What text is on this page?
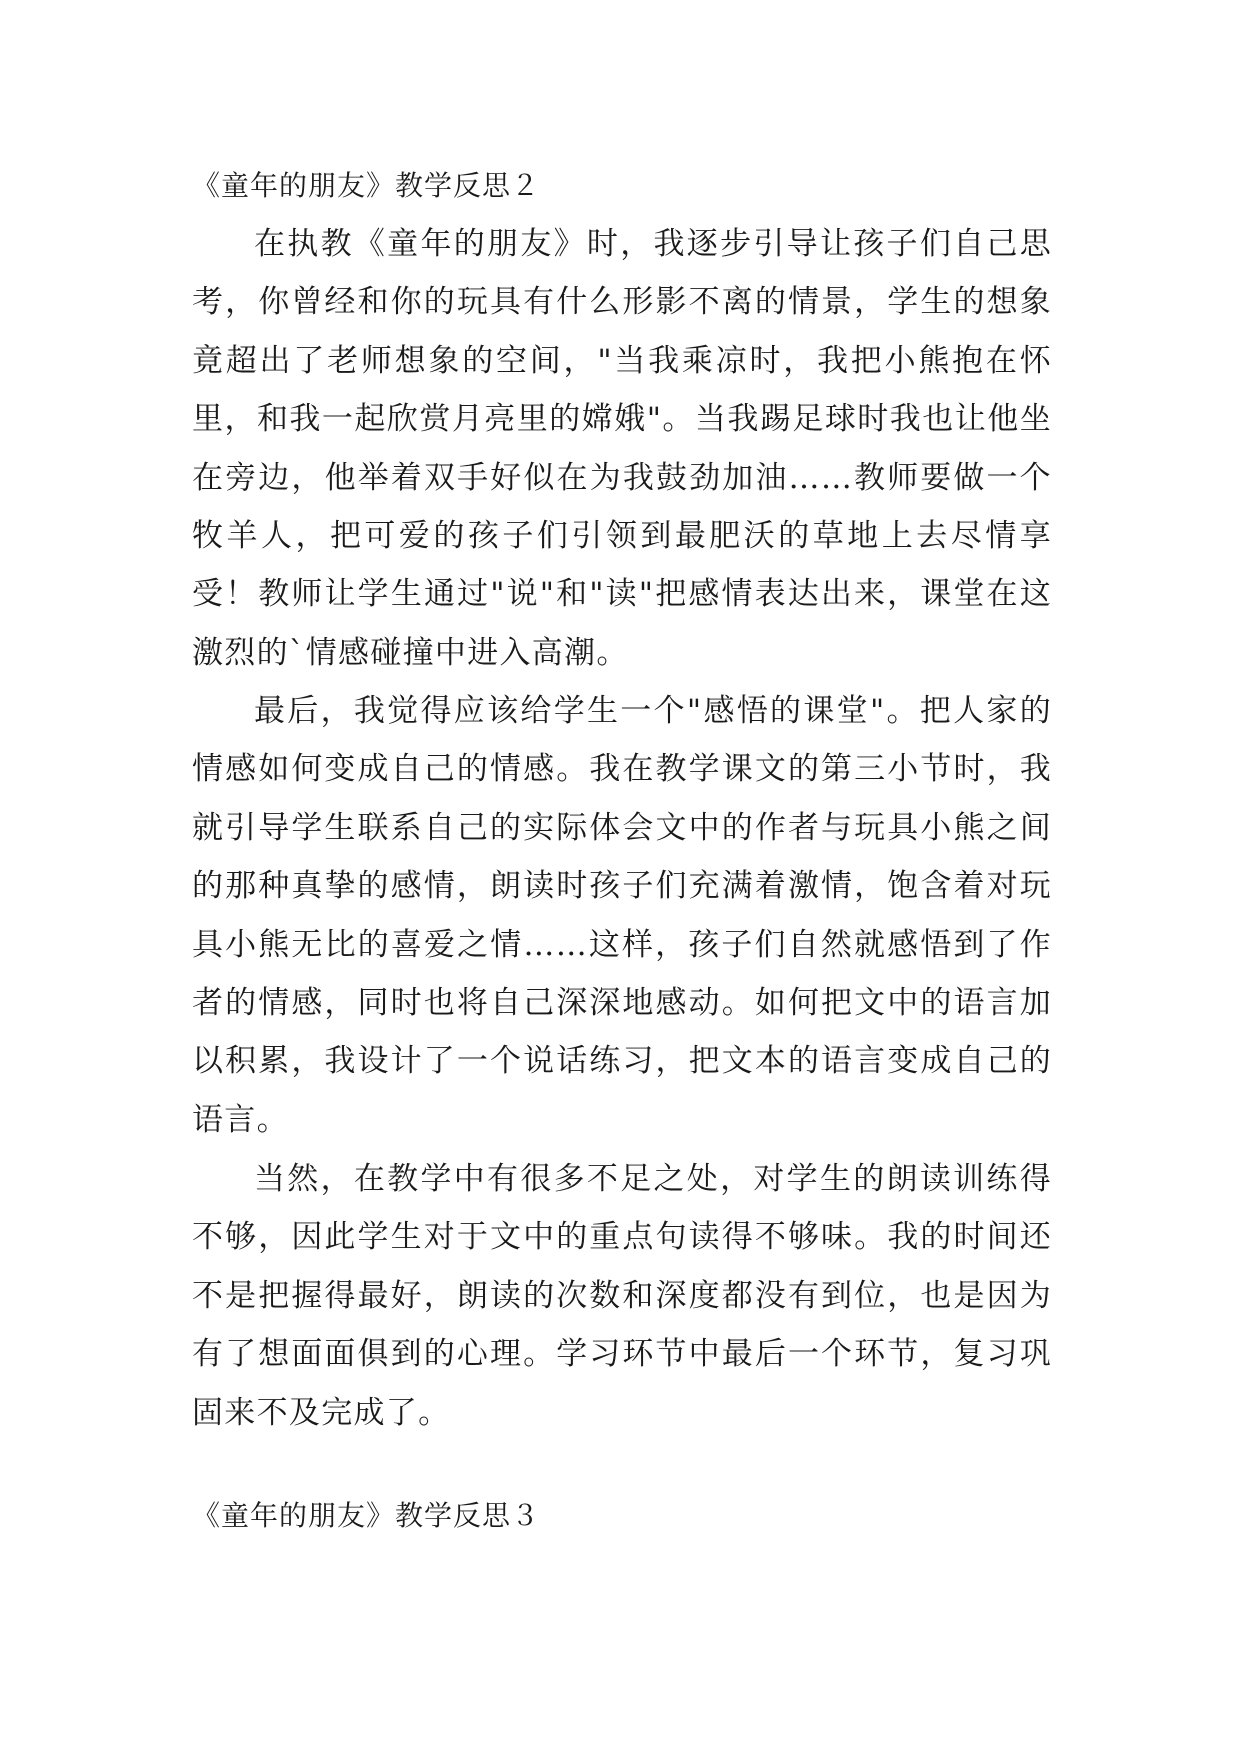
《童年的朋友》教学反思２

在执教《童年的朋友》时，我逐步引导让孩子们自己思考，你曾经和你的玩具有什么形影不离的情景，学生的想象竟超出了老师想象的空间，"当我乘凉时，我把小熊抱在怀里，和我一起欣赏月亮里的嫦娥"。当我踢足球时我也让他坐在旁边，他举着双手好似在为我鼓劲加油……教师要做一个牧羊人，把可爱的孩子们引领到最肥沃的草地上去尽情享受！教师让学生通过"说"和"读"把感情表达出来，课堂在这激烈的`情感碰撞中进入高潮。

最后，我觉得应该给学生一个"感悟的课堂"。把人家的情感如何变成自己的情感。我在教学课文的第三小节时，我就引导学生联系自己的实际体会文中的作者与玩具小熊之间的那种真挚的感情，朗读时孩子们充满着激情，饱含着对玩具小熊无比的喜爱之情……这样，孩子们自然就感悟到了作者的情感，同时也将自己深深地感动。如何把文中的语言加以积累，我设计了一个说话练习，把文本的语言变成自己的语言。

当然，在教学中有很多不足之处，对学生的朗读训练得不够，因此学生对于文中的重点句读得不够味。我的时间还不是把握得最好，朗读的次数和深度都没有到位，也是因为有了想面面俱到的心理。学习环节中最后一个环节，复习巩固来不及完成了。

《童年的朋友》教学反思３
